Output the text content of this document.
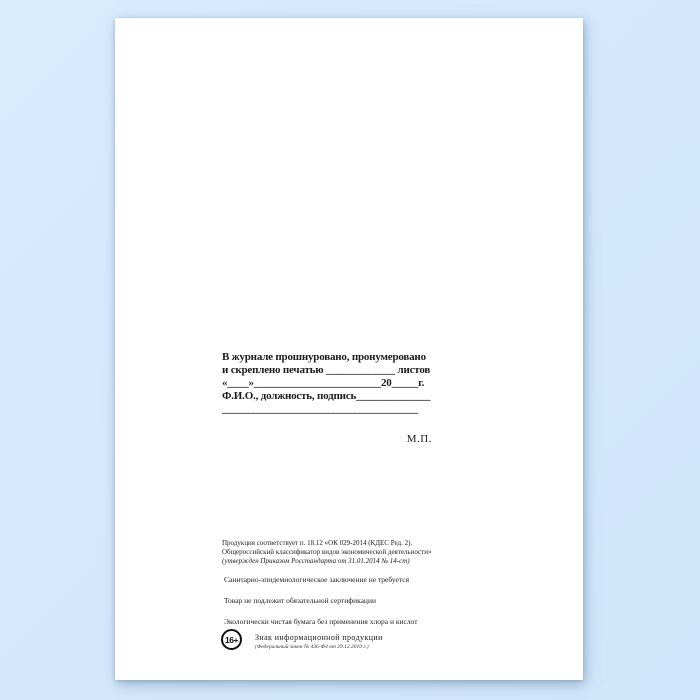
В журнале прошнуровано, пронумеровано
и скреплено печатью _____________ листов
«____»________________________20_____г.
Ф.И.О., должность, подпись______________
_____________________________________
М.П.
Продукция соответствует п. 18.12 «ОК 029-2014 (КДЕС Ред. 2).
Общероссийский классификатор видов экономической деятельности»
(утвержден Приказом Росстандарта от 31.01.2014 № 14-ст)
Санитарно-эпидемиологическое заключение не требуется
Товар не подлежит обязательной сертификации
Экологически чистая бумага без применения хлора и кислот
16+	Знак информационной продукции
(Федеральный закон № 436-ФЗ от 29.12.2010 г.)
